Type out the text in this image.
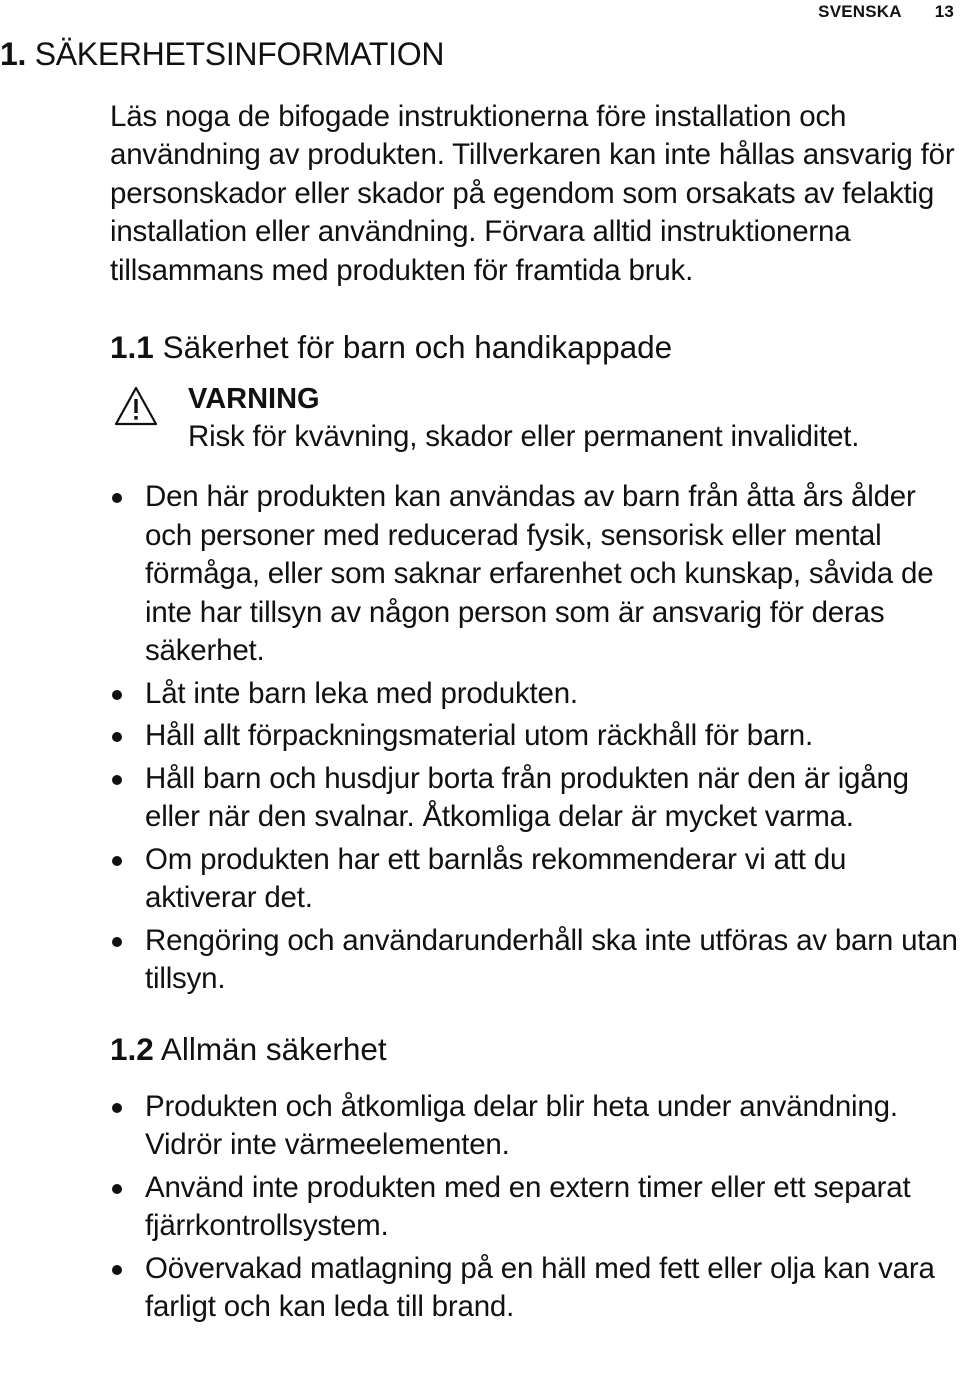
SVENSKA 13
1. SÄKERHETSINFORMATION

Läs noga de bifogade instruktionerna före installation och användning av produkten. Tillverkaren kan inte hållas ansvarig för personskador eller skador på egendom som orsakats av felaktig installation eller användning. Förvara alltid instruktionerna tillsammans med produkten för framtida bruk.

1.1 Säkerhet för barn och handikappade
VARNING
Risk för kvävning, skador eller permanent invaliditet.
Den här produkten kan användas av barn från åtta års ålder och personer med reducerad fysik, sensorisk eller mental förmåga, eller som saknar erfarenhet och kunskap, såvida de inte har tillsyn av någon person som är ansvarig för deras säkerhet.
Låt inte barn leka med produkten.
Håll allt förpackningsmaterial utom räckhåll för barn.
Håll barn och husdjur borta från produkten när den är igång eller när den svalnar. Åtkomliga delar är mycket varma.
Om produkten har ett barnlås rekommenderar vi att du aktiverar det.
Rengöring och användarunderhåll ska inte utföras av barn utan tillsyn.
1.2 Allmän säkerhet
Produkten och åtkomliga delar blir heta under användning. Vidrör inte värmeelementen.
Använd inte produkten med en extern timer eller ett separat fjärrkontrollsystem.
Oövervakad matlagning på en häll med fett eller olja kan vara farligt och kan leda till brand.
